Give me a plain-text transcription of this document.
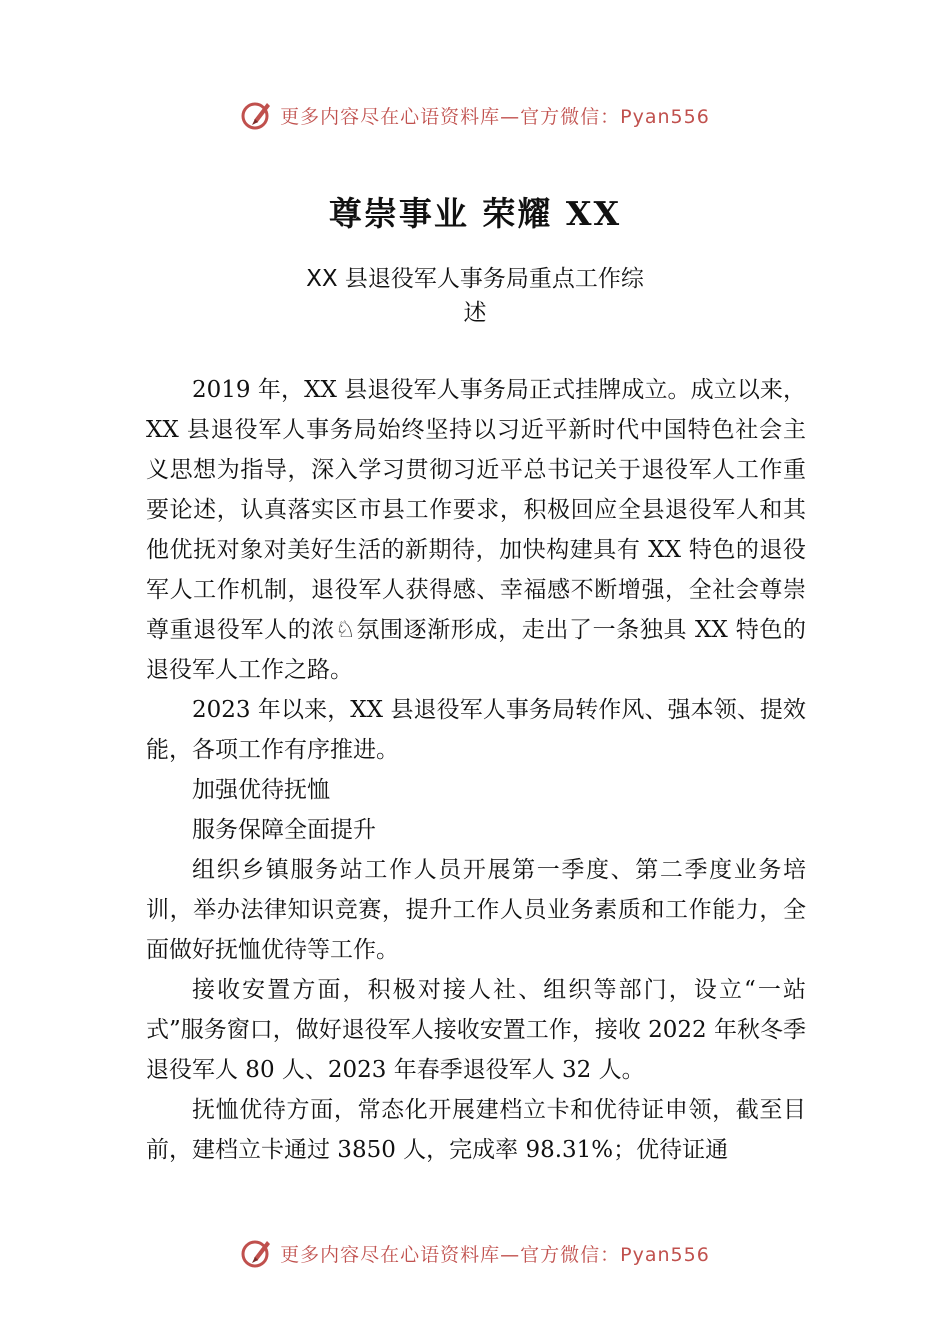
更多内容尽在心语资料库—官方微信：Pyan556
尊崇事业 荣耀 XX
XX 县退役军人事务局重点工作综
述

2019 年，XX 县退役军人事务局正式挂牌成立。成立以来，XX 县退役军人事务局始终坚持以习近平新时代中国特色社会主义思想为指导，深入学习贯彻习近平总书记关于退役军人工作重要论述，认真落实区市县工作要求，积极回应全县退役军人和其他优抚对象对美好生活的新期待，加快构建具有 XX 特色的退役军人工作机制，退役军人获得感、幸福感不断增强，全社会尊崇尊重退役军人的浓♘氛围逐渐形成，走出了一条独具 XX 特色的退役军人工作之路。

2023 年以来，XX 县退役军人事务局转作风、强本领、提效能，各项工作有序推进。

加强优待抚恤

服务保障全面提升

组织乡镇服务站工作人员开展第一季度、第二季度业务培训，举办法律知识竞赛，提升工作人员业务素质和工作能力，全面做好抚恤优待等工作。

接收安置方面，积极对接人社、组织等部门，设立“一站式”服务窗口，做好退役军人接收安置工作，接收 2022 年秋冬季退役军人 80 人、2023 年春季退役军人 32 人。

抚恤优待方面，常态化开展建档立卡和优待证申领，截至目前，建档立卡通过 3850 人，完成率 98.31%；优待证通

更多内容尽在心语资料库—官方微信：Pyan556
